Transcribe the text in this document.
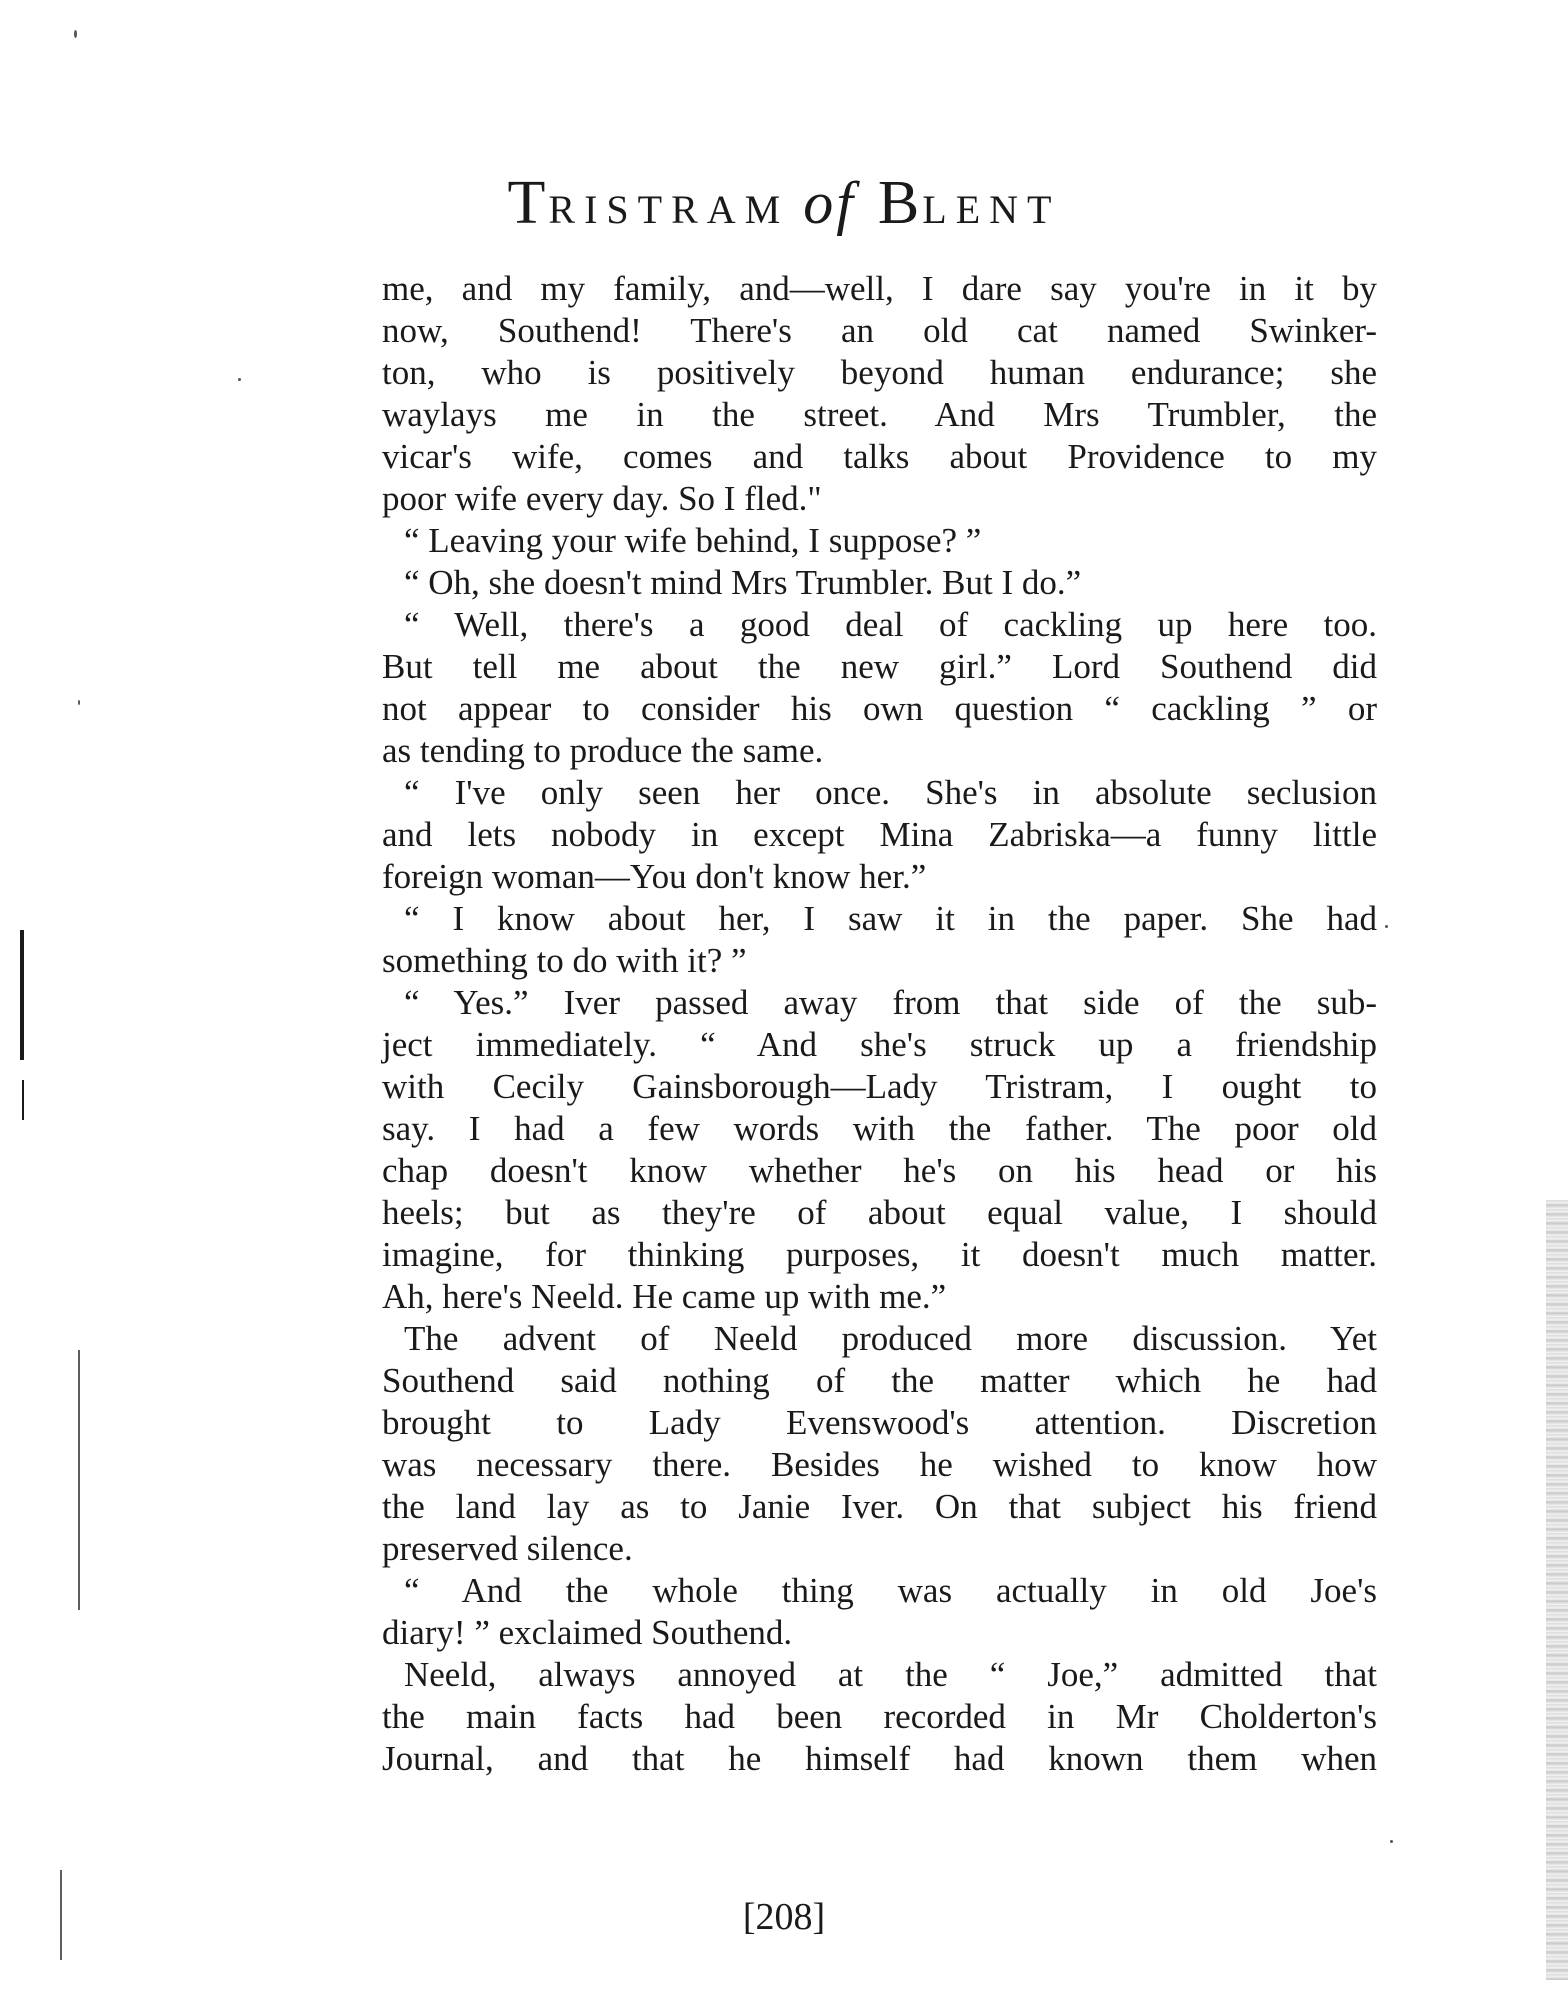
TRISTRAM of BLENT
me, and my family, and—well, I dare say you're in it by
now, Southend! There's an old cat named Swinker-
ton, who is positively beyond human endurance; she
waylays me in the street. And Mrs Trumbler, the
vicar's wife, comes and talks about Providence to my
poor wife every day. So I fled."
“ Leaving your wife behind, I suppose? ”
“ Oh, she doesn't mind Mrs Trumbler. But I do.”
“ Well, there's a good deal of cackling up here too.
But tell me about the new girl.” Lord Southend did
not appear to consider his own question “ cackling ” or
as tending to produce the same.
“ I've only seen her once. She's in absolute seclusion
and lets nobody in except Mina Zabriska—a funny little
foreign woman—You don't know her.”
“ I know about her, I saw it in the paper. She had
something to do with it? ”
“ Yes.” Iver passed away from that side of the sub-
ject immediately. “ And she's struck up a friendship
with Cecily Gainsborough—Lady Tristram, I ought to
say. I had a few words with the father. The poor old
chap doesn't know whether he's on his head or his
heels; but as they're of about equal value, I should
imagine, for thinking purposes, it doesn't much matter.
Ah, here's Neeld. He came up with me.”
The advent of Neeld produced more discussion. Yet
Southend said nothing of the matter which he had
brought to Lady Evenswood's attention. Discretion
was necessary there. Besides he wished to know how
the land lay as to Janie Iver. On that subject his friend
preserved silence.
“ And the whole thing was actually in old Joe's
diary! ” exclaimed Southend.
Neeld, always annoyed at the “ Joe,” admitted that
the main facts had been recorded in Mr Cholderton's
Journal, and that he himself had known them when
[208]
